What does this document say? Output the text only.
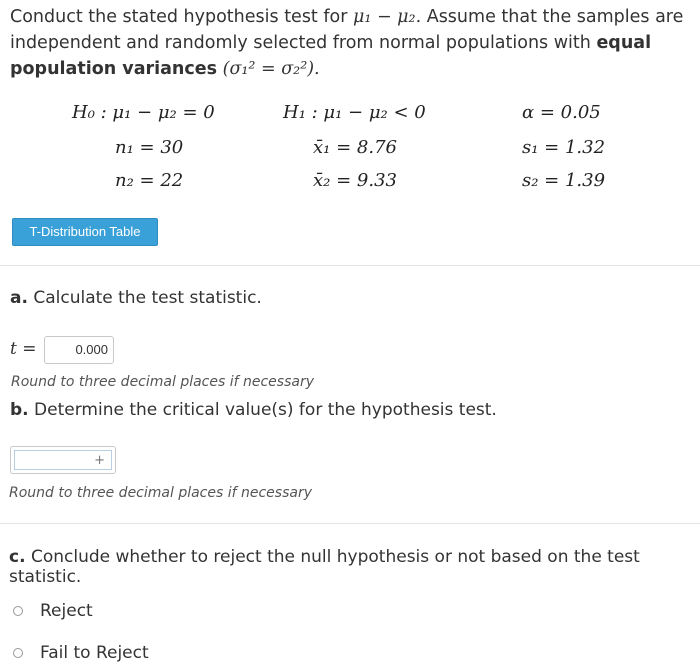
Conduct the stated hypothesis test for μ₁ − μ₂. Assume that the samples are independent and randomly selected from normal populations with equal population variances (σ₁² = σ₂²).
H₀ : μ₁ − μ₂ = 0	H₁ : μ₁ − μ₂ < 0	α = 0.05
n₁ = 30	x̄₁ = 8.76	s₁ = 1.32
n₂ = 22	x̄₂ = 9.33	s₂ = 1.39
T-Distribution Table
a. Calculate the test statistic.
t =	0.000
Round to three decimal places if necessary
b. Determine the critical value(s) for the hypothesis test.
+
Round to three decimal places if necessary
c. Conclude whether to reject the null hypothesis or not based on the test statistic.
Reject
Fail to Reject
